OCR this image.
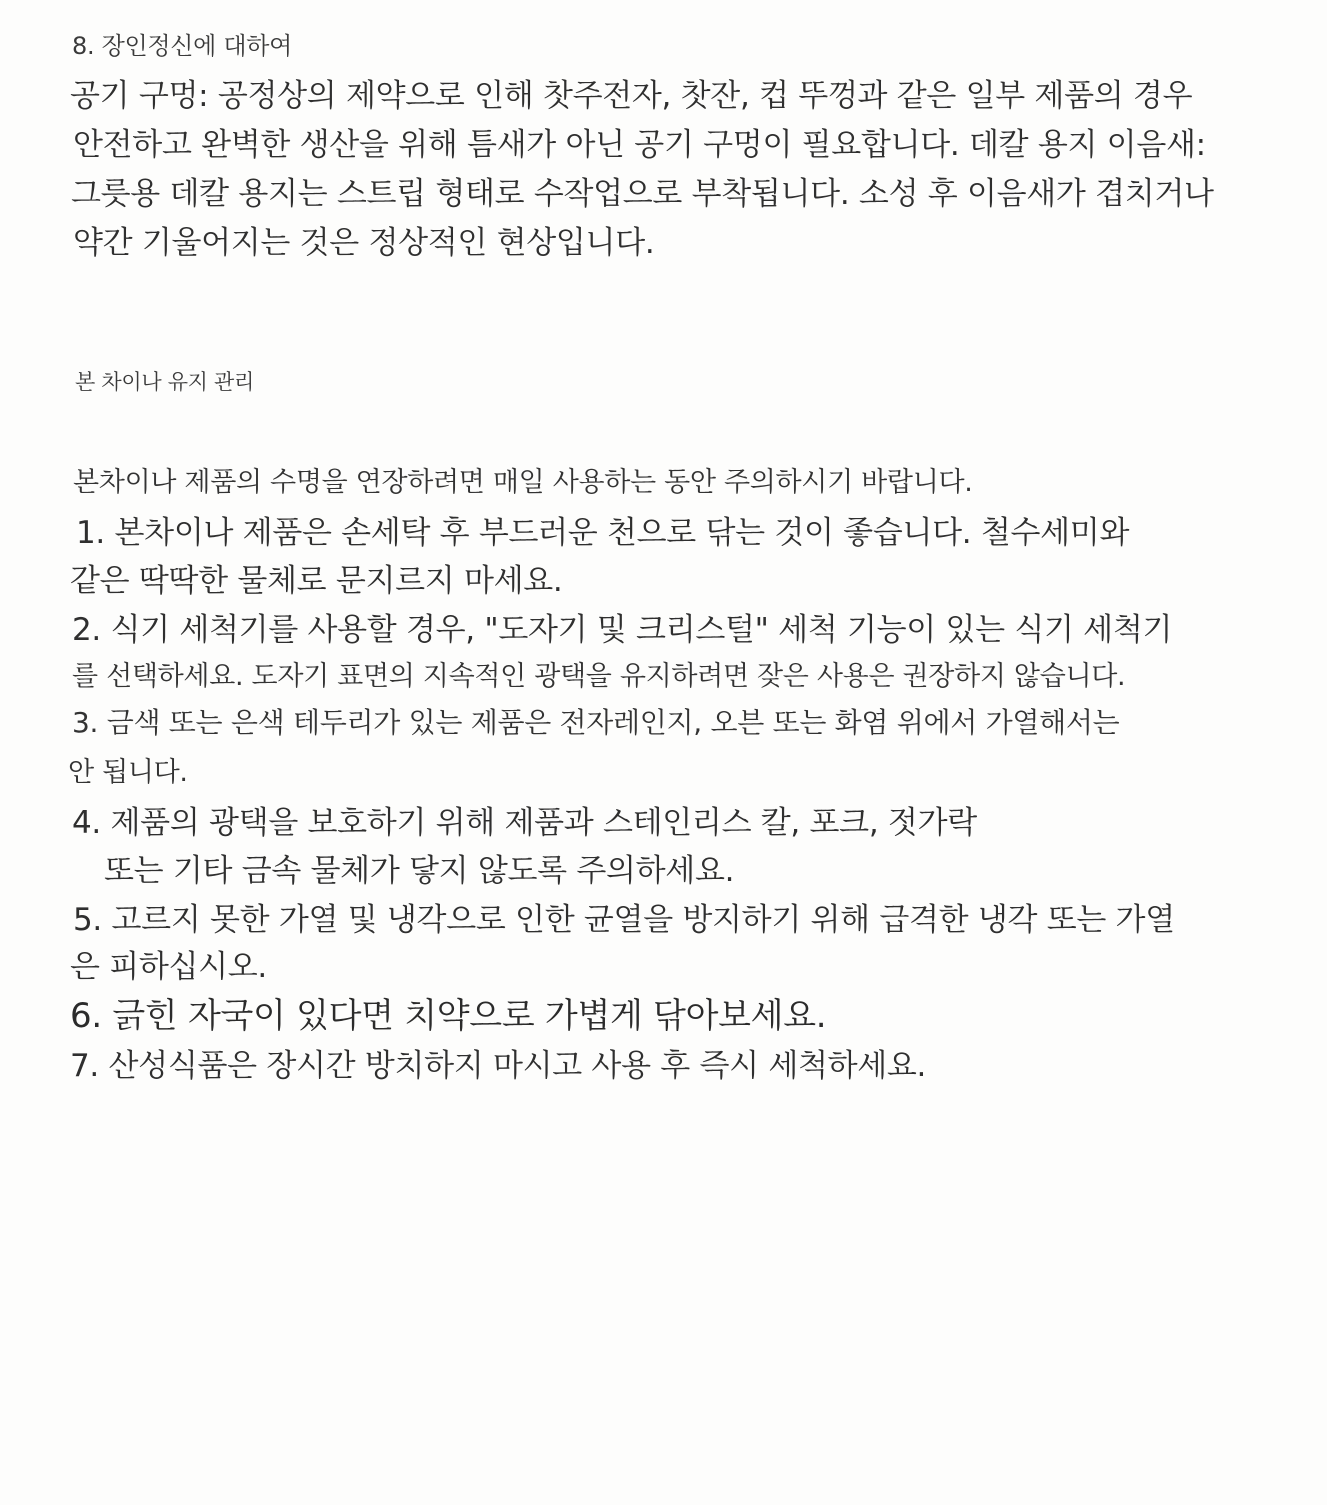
8. 장인정신에 대하여
공기 구멍: 공정상의 제약으로 인해 찻주전자, 찻잔, 컵 뚜껑과 같은 일부 제품의 경우
안전하고 완벽한 생산을 위해 틈새가 아닌 공기 구멍이 필요합니다. 데칼 용지 이음새:
그릇용 데칼 용지는 스트립 형태로 수작업으로 부착됩니다. 소성 후 이음새가 겹치거나
약간 기울어지는 것은 정상적인 현상입니다.
본 차이나 유지 관리
본차이나 제품의 수명을 연장하려면 매일 사용하는 동안 주의하시기 바랍니다.
1. 본차이나 제품은 손세탁 후 부드러운 천으로 닦는 것이 좋습니다. 철수세미와
같은 딱딱한 물체로 문지르지 마세요.
2. 식기 세척기를 사용할 경우, "도자기 및 크리스털" 세척 기능이 있는 식기 세척기
를 선택하세요. 도자기 표면의 지속적인 광택을 유지하려면 잦은 사용은 권장하지 않습니다.
3. 금색 또는 은색 테두리가 있는 제품은 전자레인지, 오븐 또는 화염 위에서 가열해서는
안 됩니다.
4. 제품의 광택을 보호하기 위해 제품과 스테인리스 칼, 포크, 젓가락
또는 기타 금속 물체가 닿지 않도록 주의하세요.
5. 고르지 못한 가열 및 냉각으로 인한 균열을 방지하기 위해 급격한 냉각 또는 가열
은 피하십시오.
6. 긁힌 자국이 있다면 치약으로 가볍게 닦아보세요.
7. 산성식품은 장시간 방치하지 마시고 사용 후 즉시 세척하세요.
